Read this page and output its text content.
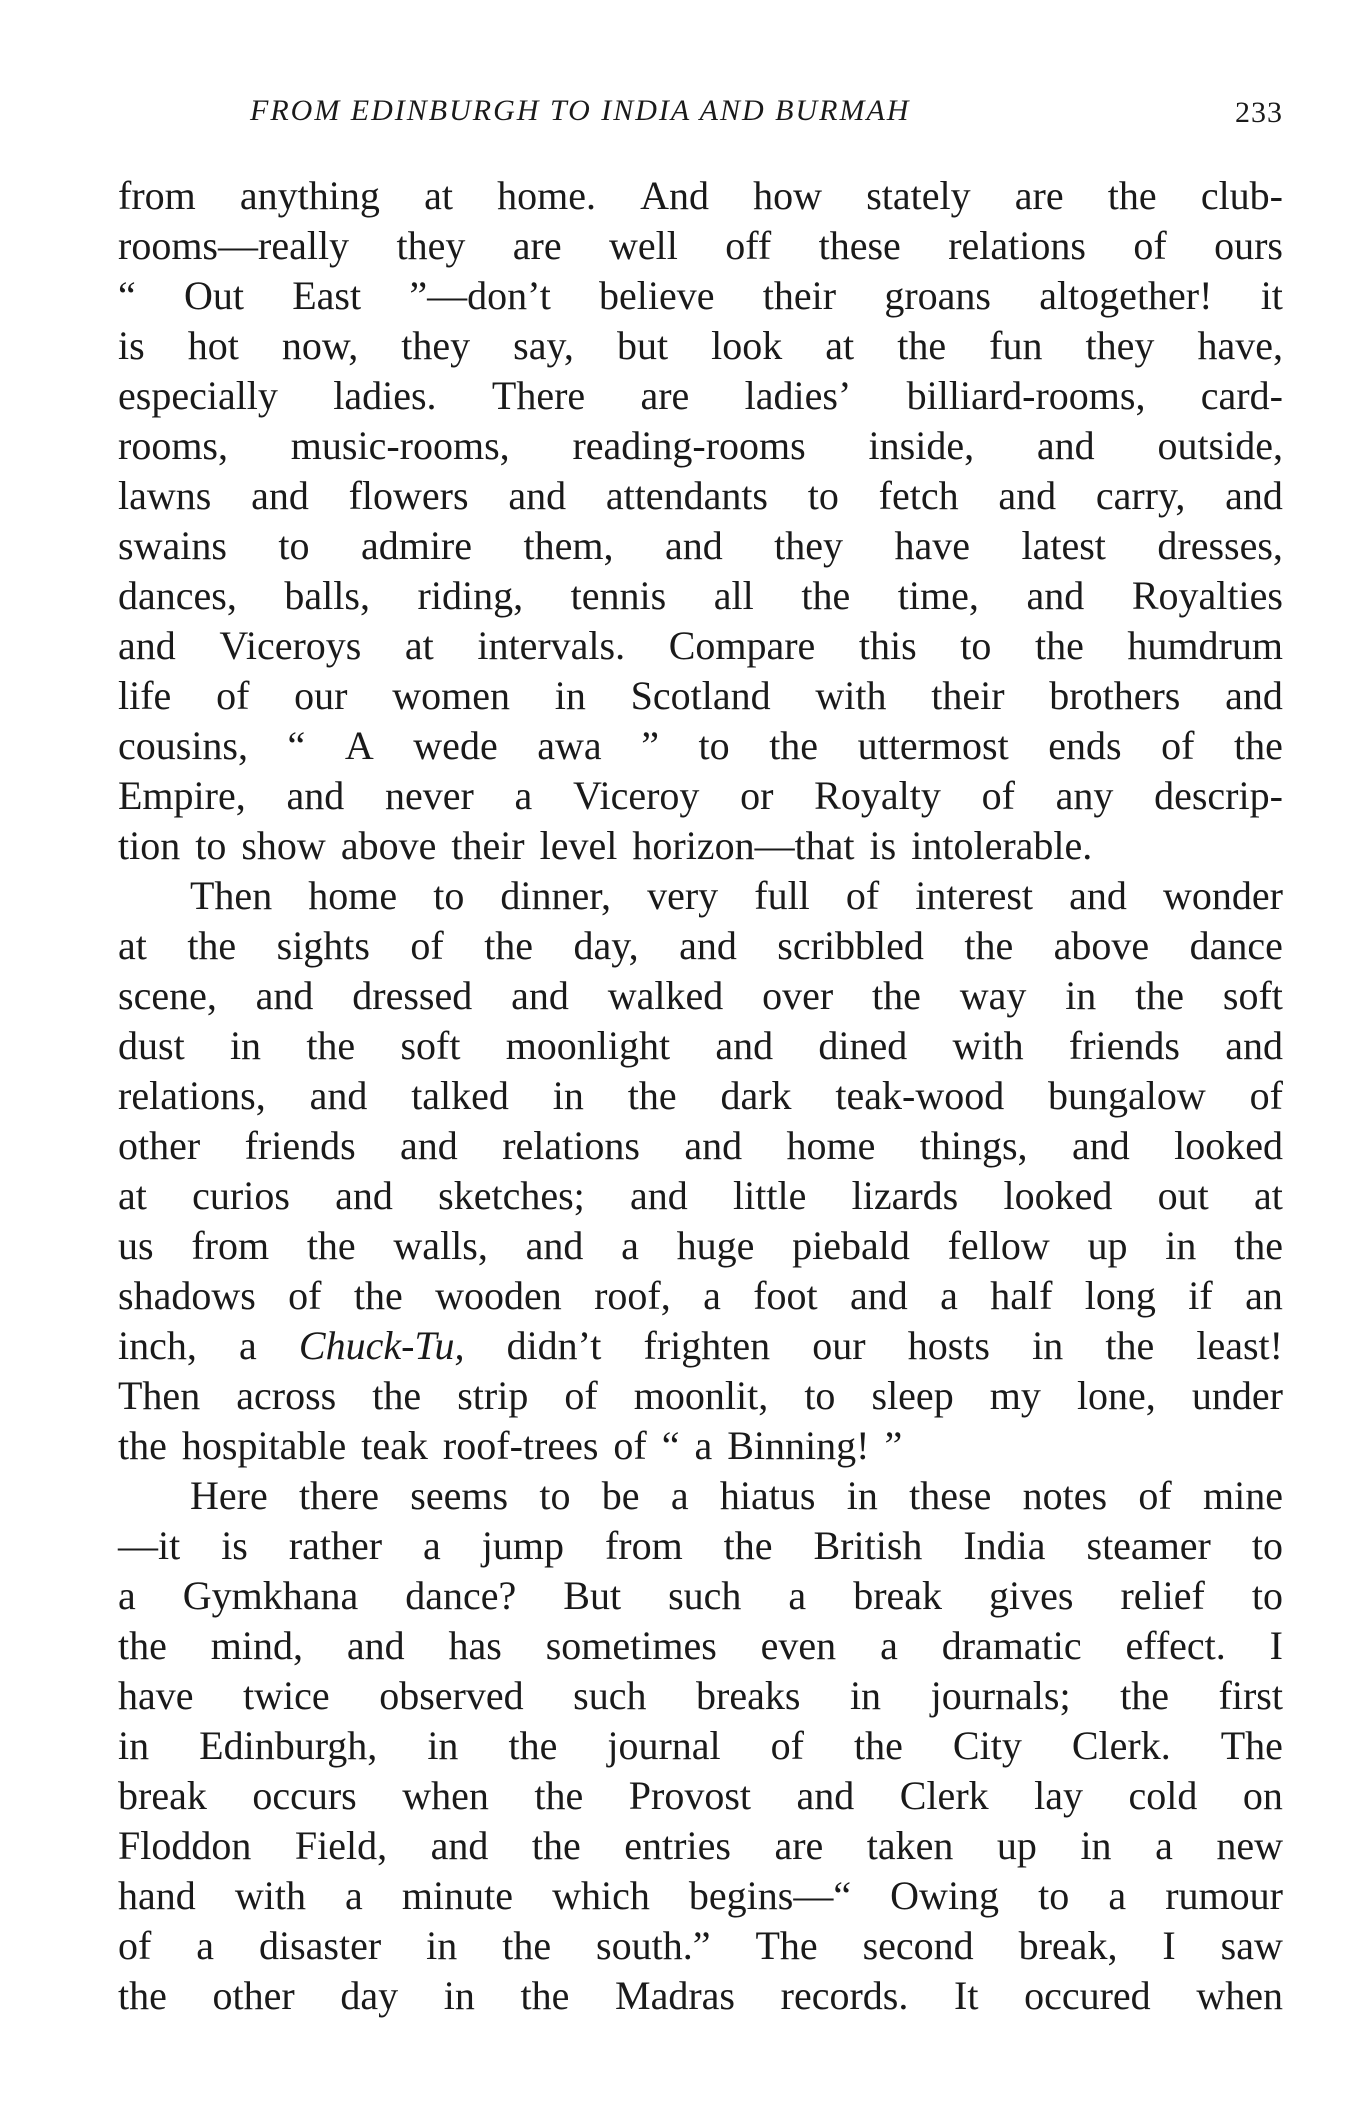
FROM EDINBURGH TO INDIA AND BURMAH	233
from anything at home. And how stately are the club-
rooms—really they are well off these relations of ours
“ Out East ”—don’t believe their groans altogether! it
is hot now, they say, but look at the fun they have,
especially ladies. There are ladies’ billiard-rooms, card-
rooms, music-rooms, reading-rooms inside, and outside,
lawns and flowers and attendants to fetch and carry, and
swains to admire them, and they have latest dresses,
dances, balls, riding, tennis all the time, and Royalties
and Viceroys at intervals. Compare this to the humdrum
life of our women in Scotland with their brothers and
cousins, “ A wede awa ” to the uttermost ends of the
Empire, and never a Viceroy or Royalty of any descrip-
tion to show above their level horizon—that is intolerable.
Then home to dinner, very full of interest and wonder
at the sights of the day, and scribbled the above dance
scene, and dressed and walked over the way in the soft
dust in the soft moonlight and dined with friends and
relations, and talked in the dark teak-wood bungalow of
other friends and relations and home things, and looked
at curios and sketches; and little lizards looked out at
us from the walls, and a huge piebald fellow up in the
shadows of the wooden roof, a foot and a half long if an
inch, a Chuck-Tu, didn’t frighten our hosts in the least!
Then across the strip of moonlit, to sleep my lone, under
the hospitable teak roof-trees of “ a Binning! ”
Here there seems to be a hiatus in these notes of mine
—it is rather a jump from the British India steamer to
a Gymkhana dance? But such a break gives relief to
the mind, and has sometimes even a dramatic effect. I
have twice observed such breaks in journals; the first
in Edinburgh, in the journal of the City Clerk. The
break occurs when the Provost and Clerk lay cold on
Floddon Field, and the entries are taken up in a new
hand with a minute which begins—“ Owing to a rumour
of a disaster in the south.” The second break, I saw
the other day in the Madras records. It occured when
